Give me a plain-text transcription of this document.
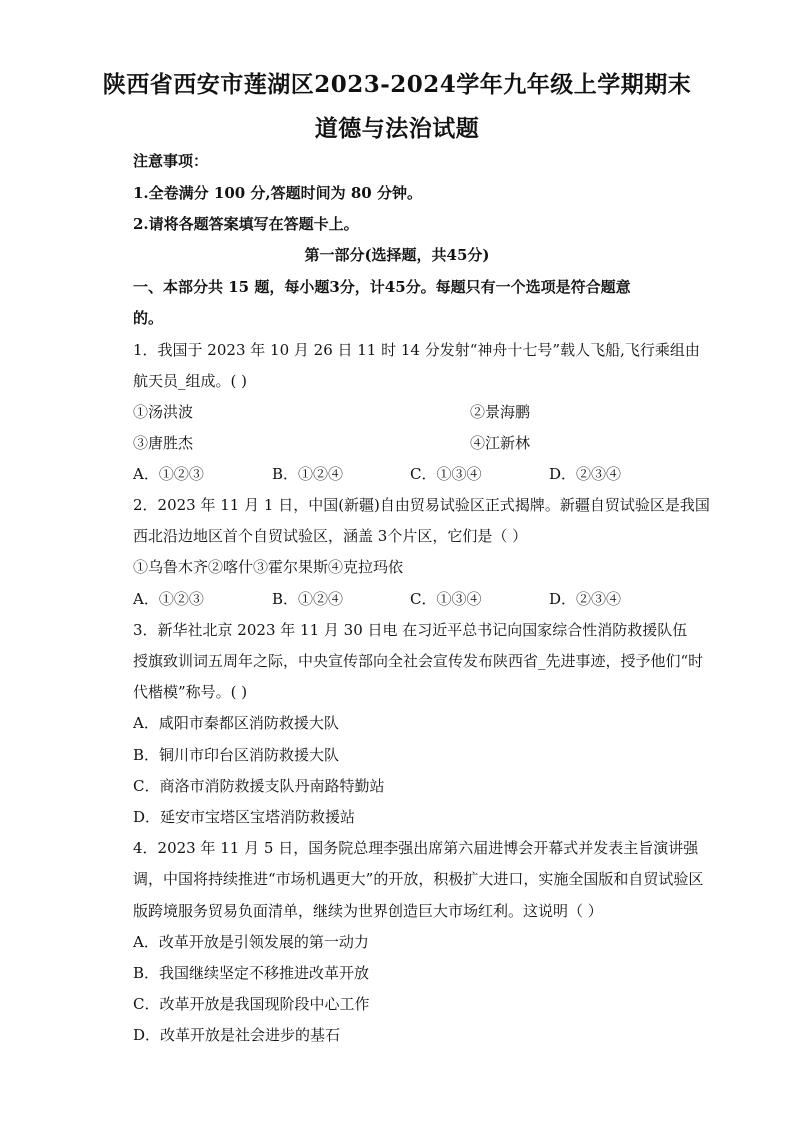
陕西省西安市莲湖区2023-2024学年九年级上学期期末
道德与法治试题
注意事项：
1.全卷满分 100 分,答题时间为 80 分钟。
2.请将各题答案填写在答题卡上。
第一部分(选择题，共45分)
一、本部分共 15 题，每小题3分，计45分。每题只有一个选项是符合题意
的。
1．我国于 2023 年 10 月 26 日 11 时 14 分发射“神舟十七号”载人飞船,飞行乘组由
航天员_组成。( )
①汤洪波	②景海鹏
③唐胜杰	④江新林
A．①②③	B．①②④	C．①③④	D．②③④
2．2023 年 11 月 1 日，中国(新疆)自由贸易试验区正式揭牌。新疆自贸试验区是我国
西北沿边地区首个自贸试验区，涵盖 3个片区，它们是（ ）
①乌鲁木齐②喀什③霍尔果斯④克拉玛依
A．①②③	B．①②④	C．①③④	D．②③④
3．新华社北京 2023 年 11 月 30 日电 在习近平总书记向国家综合性消防救援队伍
授旗致训词五周年之际，中央宣传部向全社会宣传发布陕西省_先进事迹，授予他们“时
代楷模”称号。( )
A．咸阳市秦都区消防救援大队
B．铜川市印台区消防救援大队
C．商洛市消防救援支队丹南路特勤站
D．延安市宝塔区宝塔消防救援站
4．2023 年 11 月 5 日，国务院总理李强出席第六届进博会开幕式并发表主旨演讲强
调，中国将持续推进“市场机遇更大”的开放，积极扩大进口，实施全国版和自贸试验区
版跨境服务贸易负面清单，继续为世界创造巨大市场红利。这说明（ ）
A．改革开放是引领发展的第一动力
B．我国继续坚定不移推进改革开放
C．改革开放是我国现阶段中心工作
D．改革开放是社会进步的基石
